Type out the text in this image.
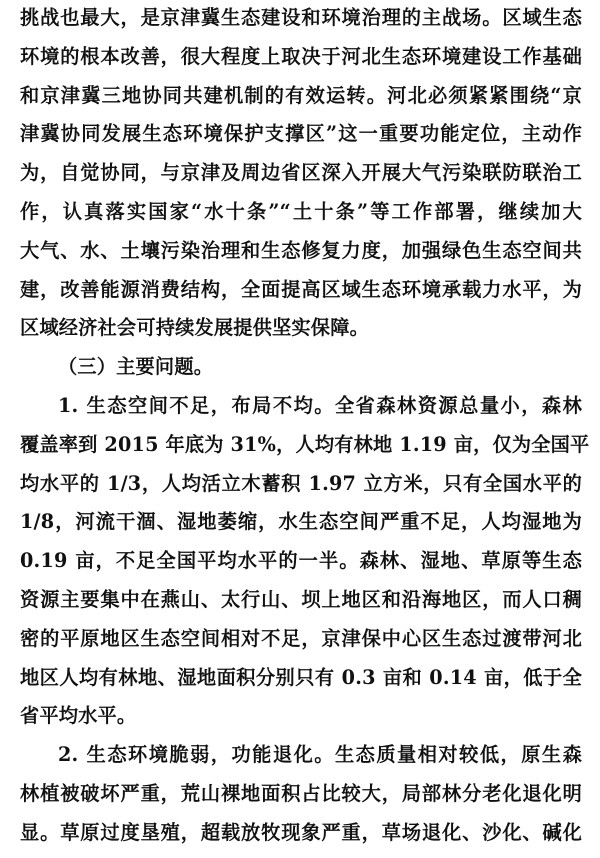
挑战也最大，是京津冀生态建设和环境治理的主战场。区域生态
环境的根本改善，很大程度上取决于河北生态环境建设工作基础
和京津冀三地协同共建机制的有效运转。河北必须紧紧围绕“京
津冀协同发展生态环境保护支撑区”这一重要功能定位，主动作
为，自觉协同，与京津及周边省区深入开展大气污染联防联治工
作，认真落实国家“水十条”“土十条”等工作部署，继续加大
大气、水、土壤污染治理和生态修复力度，加强绿色生态空间共
建，改善能源消费结构，全面提高区域生态环境承载力水平，为
区域经济社会可持续发展提供坚实保障。
（三）主要问题。
1. 生态空间不足，布局不均。全省森林资源总量小，森林
覆盖率到 2015 年底为 31%，人均有林地 1.19 亩，仅为全国平
均水平的 1/3，人均活立木蓄积 1.97 立方米，只有全国水平的
1/8，河流干涸、湿地萎缩，水生态空间严重不足，人均湿地为
0.19 亩，不足全国平均水平的一半。森林、湿地、草原等生态
资源主要集中在燕山、太行山、坝上地区和沿海地区，而人口稠
密的平原地区生态空间相对不足，京津保中心区生态过渡带河北
地区人均有林地、湿地面积分别只有 0.3 亩和 0.14 亩，低于全
省平均水平。
2. 生态环境脆弱，功能退化。生态质量相对较低，原生森
林植被破坏严重，荒山裸地面积占比较大，局部林分老化退化明
显。草原过度垦殖，超载放牧现象严重，草场退化、沙化、碱化
